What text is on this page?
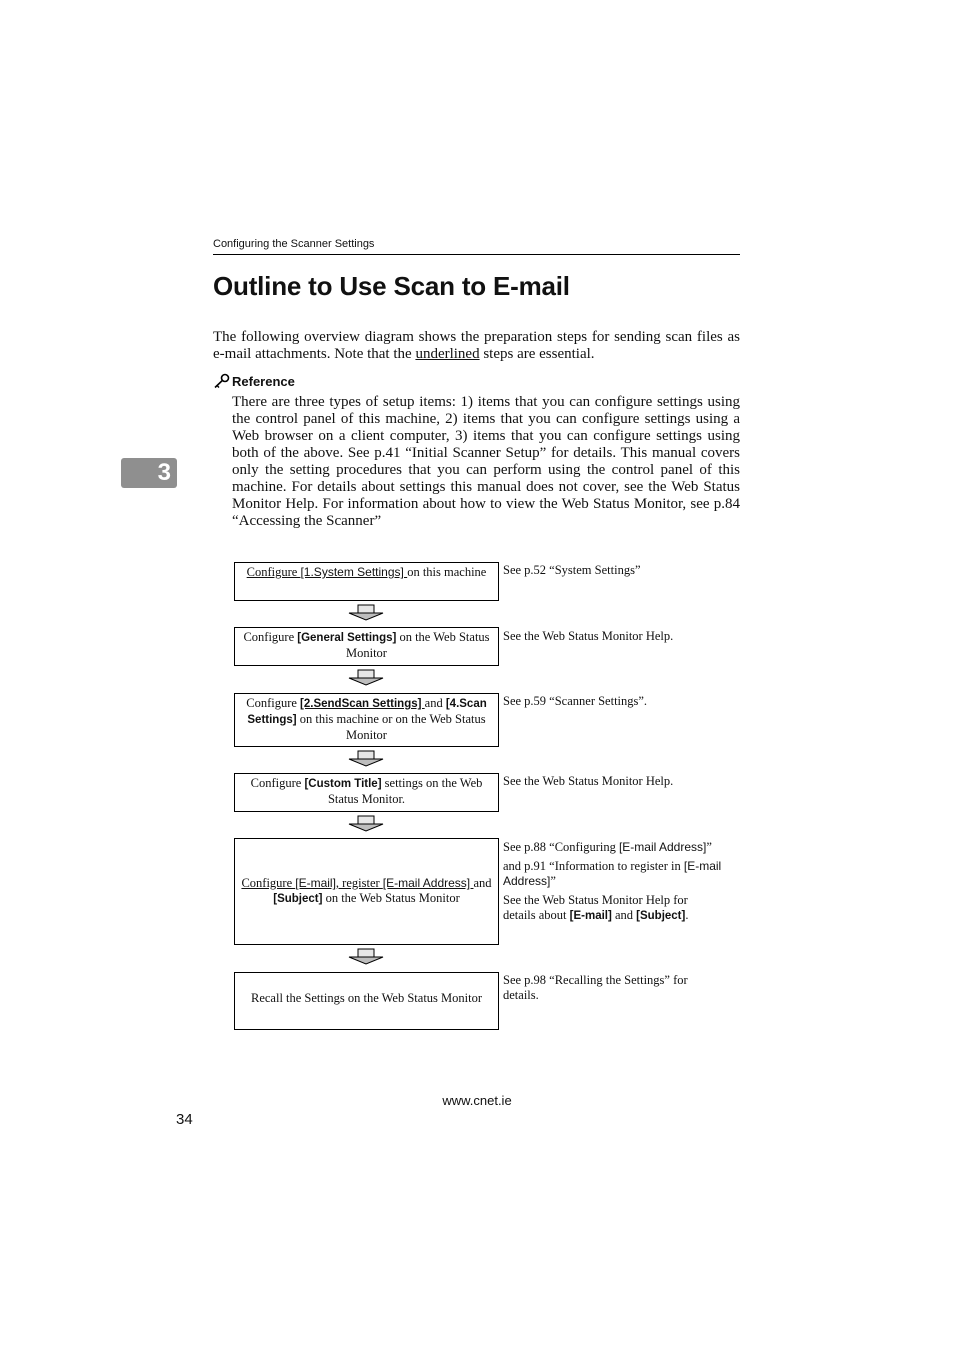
Configuring the Scanner Settings
Outline to Use Scan to E-mail

The following overview diagram shows the preparation steps for sending scan files as e-mail attachments. Note that the underlined steps are essential.

Reference

There are three types of setup items: 1) items that you can configure settings using the control panel of this machine, 2) items that you can configure settings using a Web browser on a client computer, 3) items that you can configure settings using both of the above. See p.41 “Initial Scanner Setup” for details. This manual covers only the setting procedures that you can perform using the control panel of this machine. For details about settings this manual does not cover, see the Web Status Monitor Help. For information about how to view the Web Status Monitor, see p.84 “Accessing the Scanner”

3
Configure [1.System Settings] on this machine	See p.52 “System Settings”

Configure [General Settings] on the Web Status Monitor

See the Web Status Monitor Help.

Configure [2.SendScan Settings] and [4.Scan Settings] on this machine or on the Web Status Monitor

See p.59 “Scanner Settings”.

Configure [Custom Title] settings on the Web Status Monitor.

See the Web Status Monitor Help.

Configure [E-mail], register [E-mail Address] and [Subject] on the Web Status Monitor

See p.88 “Configuring [E-mail Address]”

and p.91 “Information to register in [E-mail Address]”

See the Web Status Monitor Help for details about [E-mail] and [Subject].

Recall the Settings on the Web Status Monitor

See p.98 “Recalling the Settings” for details.

www.cnet.ie
34
